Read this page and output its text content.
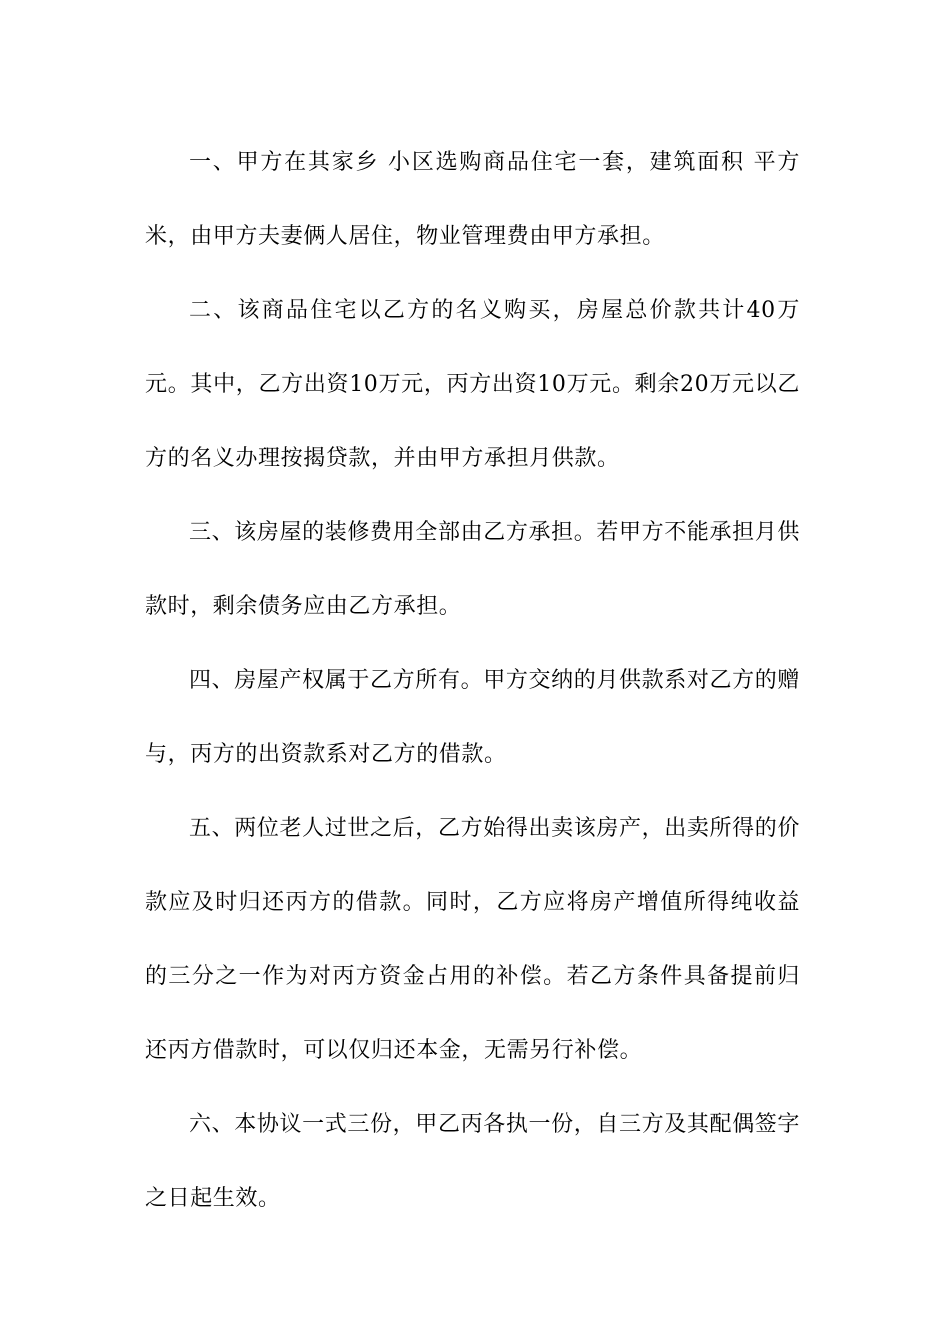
一、甲方在其家乡 小区选购商品住宅一套，建筑面积 平方米，由甲方夫妻俩人居住，物业管理费由甲方承担。

二、该商品住宅以乙方的名义购买，房屋总价款共计40万元。其中，乙方出资10万元，丙方出资10万元。剩余20万元以乙方的名义办理按揭贷款，并由甲方承担月供款。

三、该房屋的装修费用全部由乙方承担。若甲方不能承担月供款时，剩余债务应由乙方承担。

四、房屋产权属于乙方所有。甲方交纳的月供款系对乙方的赠与，丙方的出资款系对乙方的借款。

五、两位老人过世之后，乙方始得出卖该房产，出卖所得的价款应及时归还丙方的借款。同时，乙方应将房产增值所得纯收益的三分之一作为对丙方资金占用的补偿。若乙方条件具备提前归还丙方借款时，可以仅归还本金，无需另行补偿。

六、本协议一式三份，甲乙丙各执一份，自三方及其配偶签字之日起生效。
